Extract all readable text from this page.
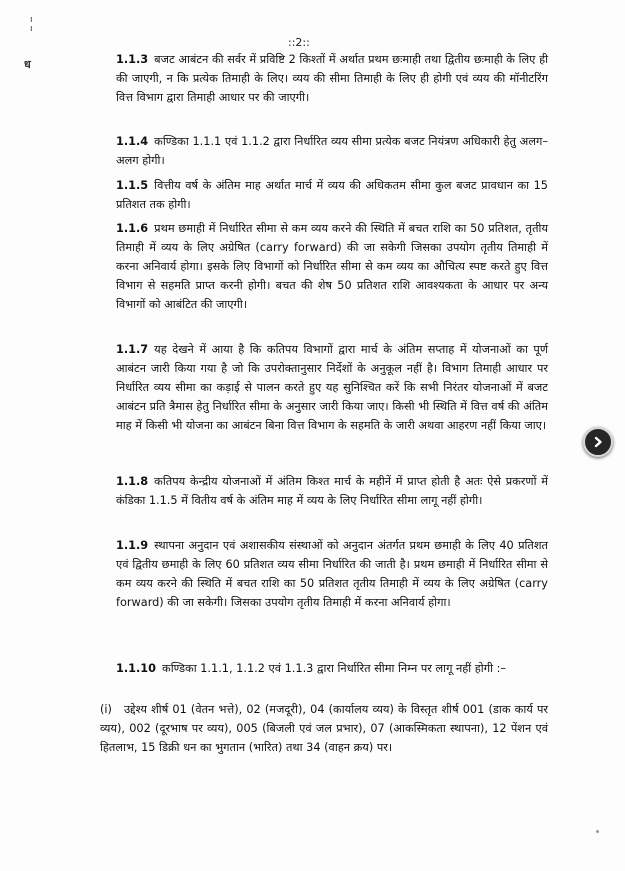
ı
ı
ध
::2::
1.1.3 बजट आबंटन की सर्वर में प्रविष्टि 2 किश्तों में अर्थात प्रथम छःमाही तथा द्वितीय छःमाही के लिए ही की जाएगी, न कि प्रत्येक तिमाही के लिए। व्यय की सीमा तिमाही के लिए ही होगी एवं व्यय की मॉनीटरिंग वित्त विभाग द्वारा तिमाही आधार पर की जाएगी।
1.1.4 कण्डिका 1.1.1 एवं 1.1.2 द्वारा निर्धारित व्यय सीमा प्रत्येक बजट नियंत्रण अधिकारी हेतु अलग–अलग होगी।
1.1.5 वित्तीय वर्ष के अंतिम माह अर्थात मार्च में व्यय की अधिकतम सीमा कुल बजट प्रावधान का 15 प्रतिशत तक होगी।
1.1.6 प्रथम छमाही में निर्धारित सीमा से कम व्यय करने की स्थिति में बचत राशि का 50 प्रतिशत, तृतीय तिमाही में व्यय के लिए अग्रेषित (carry forward) की जा सकेगी जिसका उपयोग तृतीय तिमाही में करना अनिवार्य होगा। इसके लिए विभागों को निर्धारित सीमा से कम व्यय का औचित्य स्पष्ट करते हुए वित्त विभाग से सहमति प्राप्त करनी होगी। बचत की शेष 50 प्रतिशत राशि आवश्यकता के आधार पर अन्य विभागों को आबंटित की जाएगी।
1.1.7 यह देखने में आया है कि कतिपय विभागों द्वारा मार्च के अंतिम सप्ताह में योजनाओं का पूर्ण आबंटन जारी किया गया है जो कि उपरोक्तानुसार निर्देशों के अनुकूल नहीं है। विभाग तिमाही आधार पर निर्धारित व्यय सीमा का कड़ाई से पालन करते हुए यह सुनिश्चित करें कि सभी निरंतर योजनाओं में बजट आबंटन प्रति त्रैमास हेतु निर्धारित सीमा के अनुसार जारी किया जाए। किसी भी स्थिति में वित्त वर्ष की अंतिम माह में किसी भी योजना का आबंटन बिना वित्त विभाग के सहमति के जारी अथवा आहरण नहीं किया जाए।
1.1.8 कतिपय केन्द्रीय योजनाओं में अंतिम किश्त मार्च के महीनें में प्राप्त होती है अतः ऐसे प्रकरणों में कंडिका 1.1.5 में वितीय वर्ष के अंतिम माह में व्यय के लिए निर्धारित सीमा लागू नहीं होगी।
1.1.9 स्थापना अनुदान एवं अशासकीय संस्थाओं को अनुदान अंतर्गत प्रथम छमाही के लिए 40 प्रतिशत एवं द्वितीय छमाही के लिए 60 प्रतिशत व्यय सीमा निर्धारित की जाती है। प्रथम छमाही में निर्धारित सीमा से कम व्यय करने की स्थिति में बचत राशि का 50 प्रतिशत तृतीय तिमाही में व्यय के लिए अग्रेषित (carry forward) की जा सकेगी। जिसका उपयोग तृतीय तिमाही में करना अनिवार्य होगा।
1.1.10 कण्डिका 1.1.1, 1.1.2 एवं 1.1.3 द्वारा निर्धारित सीमा निम्न पर लागू नहीं होगी :–
(i) उद्देश्य शीर्ष 01 (वेतन भत्ते), 02 (मजदूरी), 04 (कार्यालय व्यय) के विस्तृत शीर्ष 001 (डाक कार्य पर व्यय), 002 (दूरभाष पर व्यय), 005 (बिजली एवं जल प्रभार), 07 (आकस्मिकता स्थापना), 12 पेंशन एवं हितलाभ, 15 डिक्री धन का भुगतान (भारित) तथा 34 (वाहन क्रय) पर।
